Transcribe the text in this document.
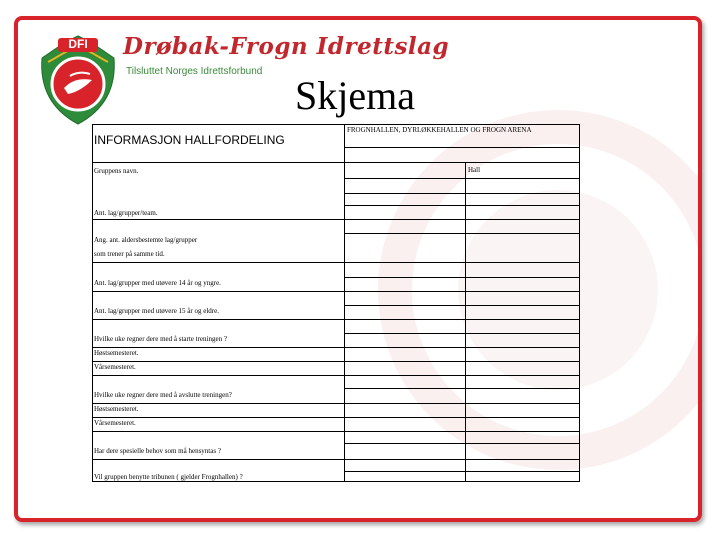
DFI	Drøbak-Frogn Idrettslag
Tilsluttet Norges Idrettsforbund
Skjema
INFORMASJON HALLFORDELING
FROGNHALLEN, DYRLØKKEHALLEN OG FROGN ARENA
Hall
Gruppens navn.
Ant. lag/grupper/team.
Ang. ant. aldersbestemte lag/grupper
som trener på samme tid.
Ant. lag/grupper med utøvere 14 år og yngre.
Ant. lag/grupper med utøvere 15 år og eldre.
Hvilke uke regner dere med å starte treningen ?
Høstsemesteret.
Vårsemesteret.
Hvilke uke regner dere med å avslutte treningen?
Høstsemesteret.
Vårsemesteret.
Har dere spesielle behov som må hensyntas ?
Vil gruppen benytte tribunen ( gjelder Frognhallen) ?
